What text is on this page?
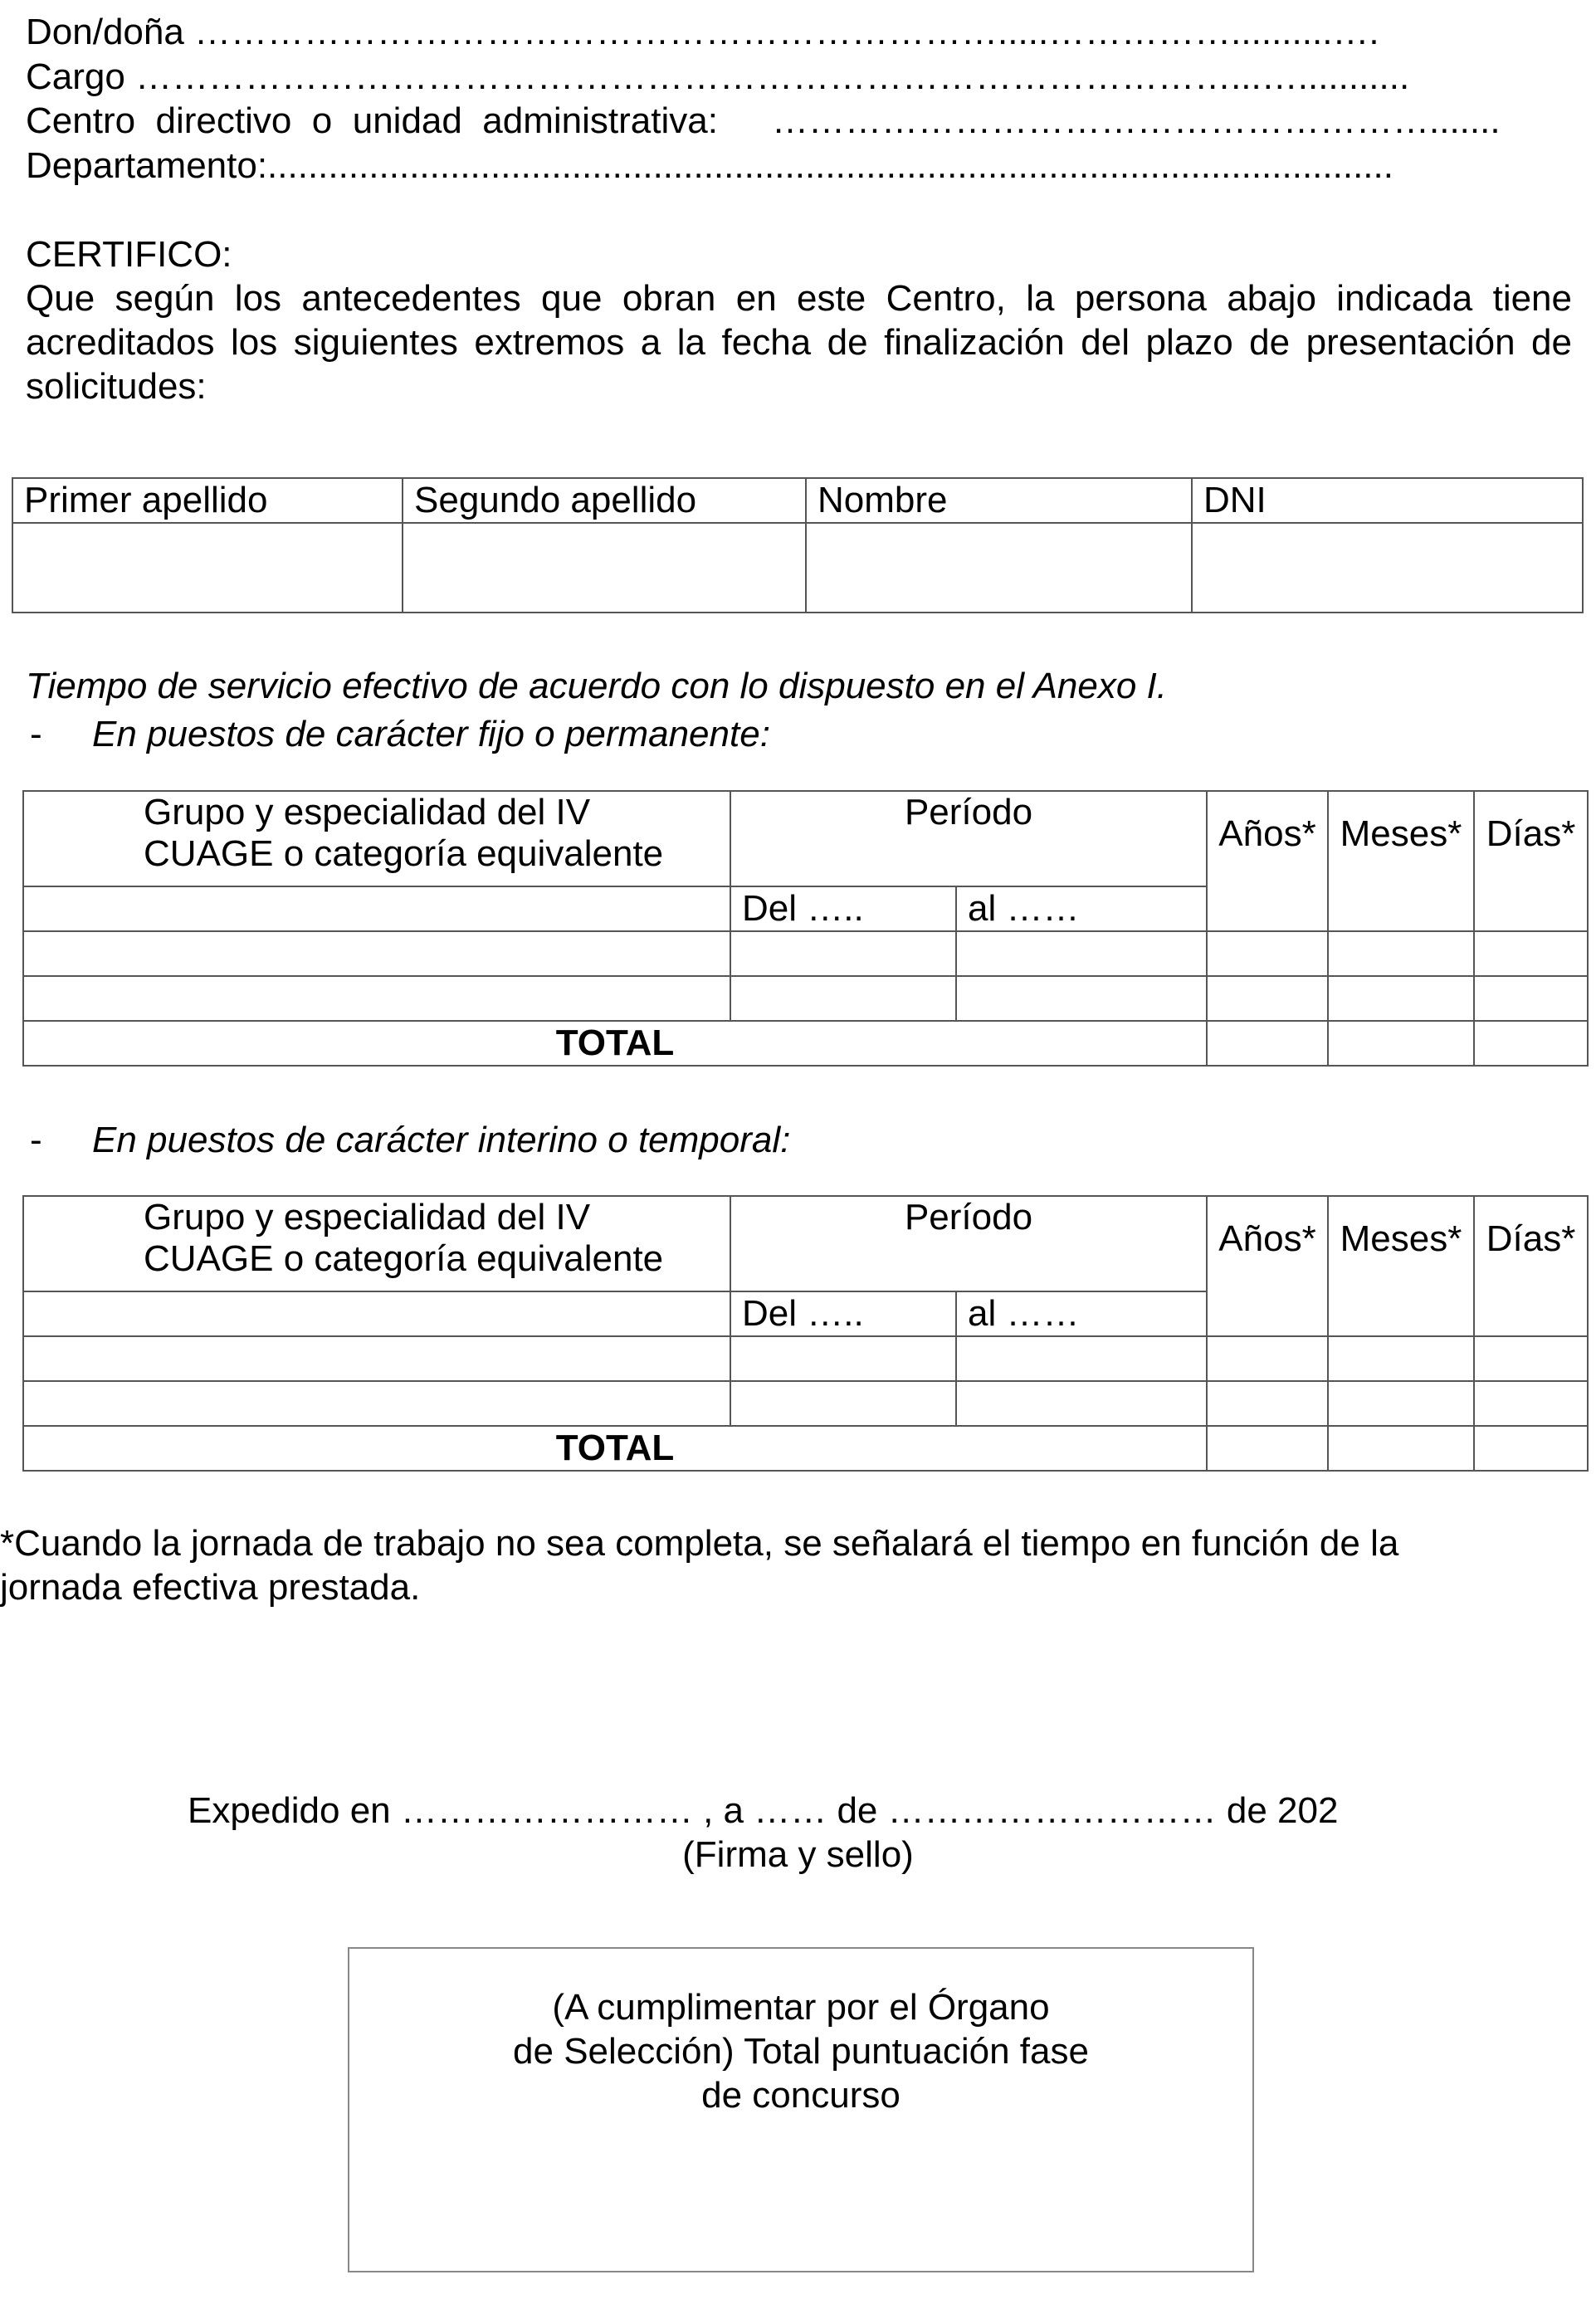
Don/doña ………………………………………………………….....……………..........….
Cargo ………………………………………………………………………………...…...........
Centro  directivo  o  unidad  administrativa: ……………………………………………….......
Departamento:...............................................................................................................
CERTIFICO:
Que según los antecedentes que obran en este Centro, la persona abajo indicada tiene acreditados los siguientes extremos a la fecha de finalización del plazo de presentación de solicitudes:
Primer apellido	Segundo apellido	Nombre	DNI

Tiempo de servicio efectivo de acuerdo con lo dispuesto en el Anexo I.
- En puestos de carácter fijo o permanente:
Grupo y especialidad del IV
CUAGE o categoría equivalente	Período		Años*	Meses*	Días*
	Del …..	al ……			

TOTAL					
- En puestos de carácter interino o temporal:
Grupo y especialidad del IV
CUAGE o categoría equivalente	Período		Años*	Meses*	Días*
	Del …..	al ……			

TOTAL					
*Cuando la jornada de trabajo no sea completa, se señalará el tiempo en función de la
jornada efectiva prestada.
Expedido en …………………… , a …… de ……………………… de 202
(Firma y sello)
(A cumplimentar por el Órgano
de Selección) Total puntuación fase
de concurso
